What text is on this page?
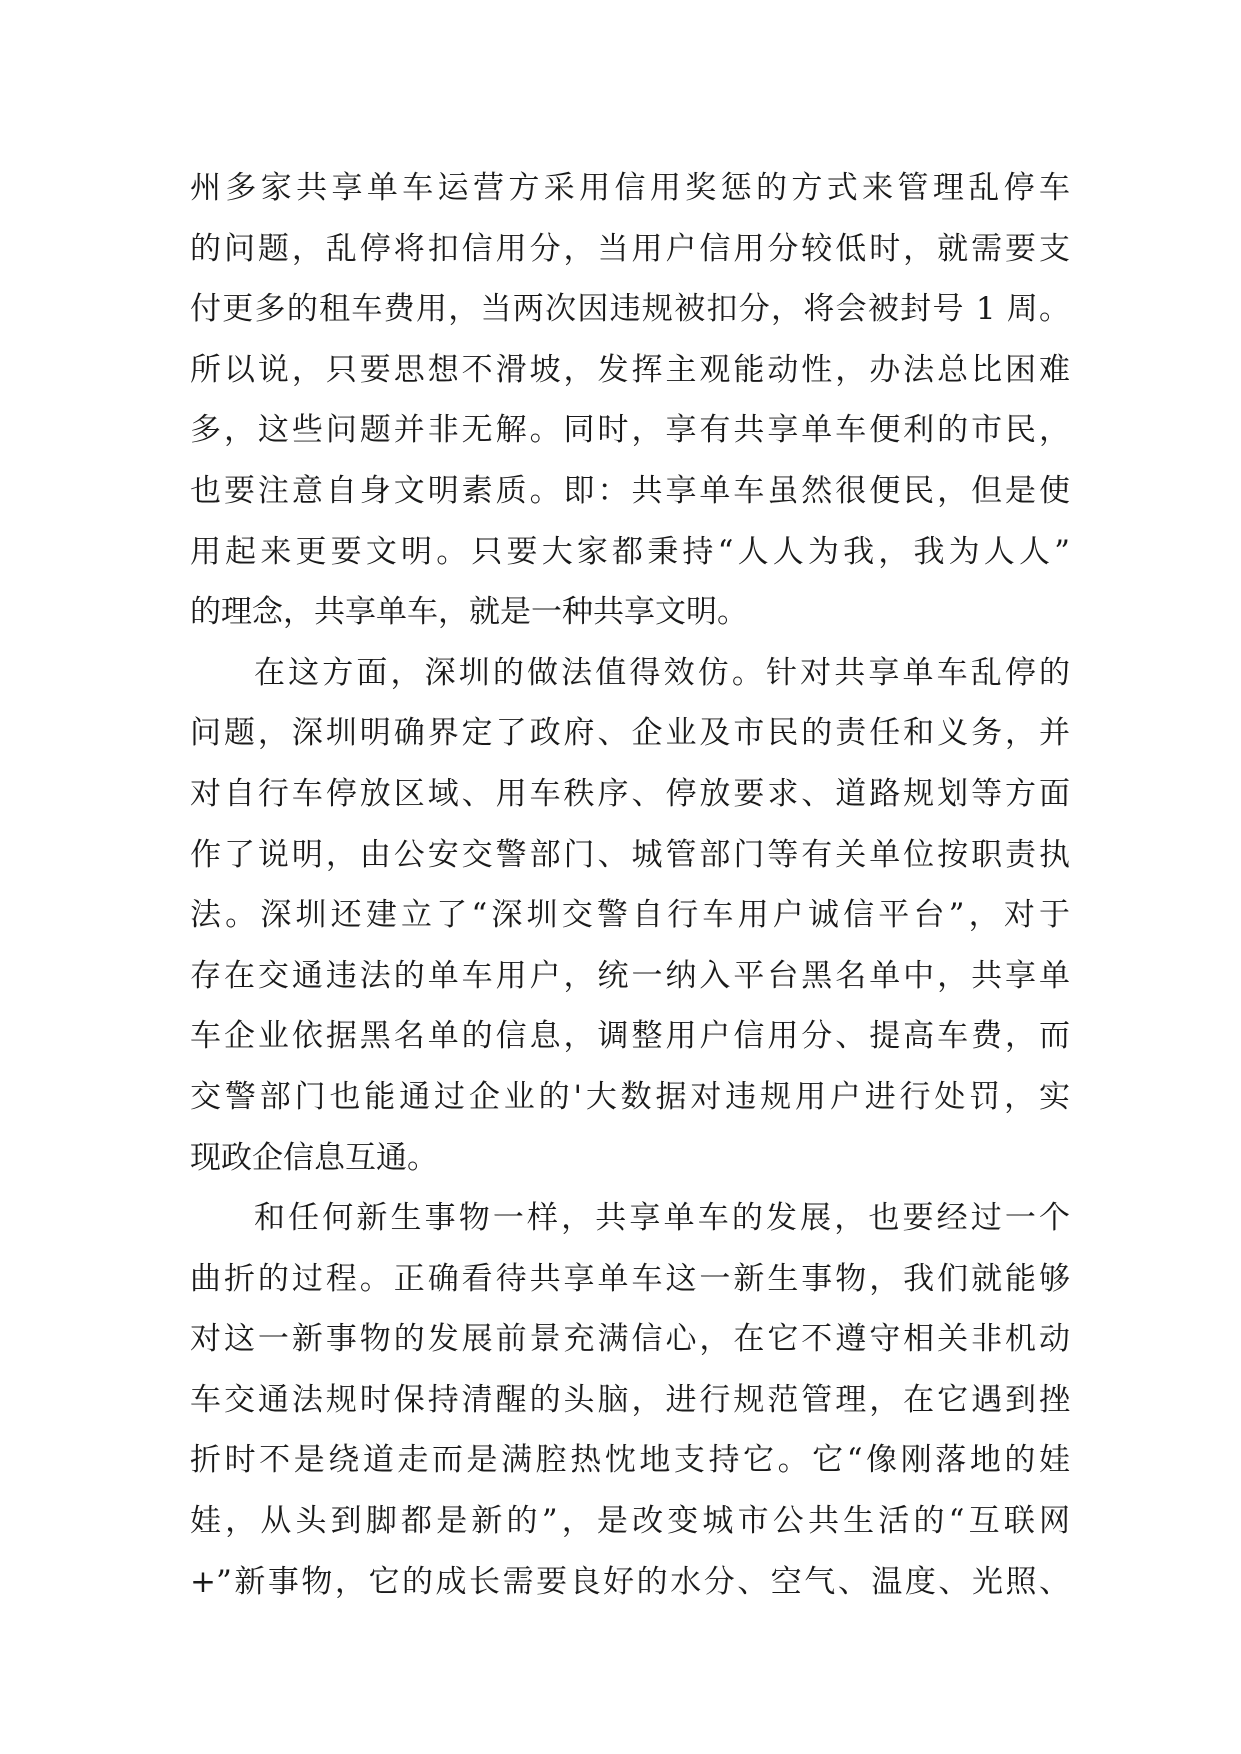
州多家共享单车运营方采用信用奖惩的方式来管理乱停车
的问题，乱停将扣信用分，当用户信用分较低时，就需要支
付更多的租车费用，当两次因违规被扣分，将会被封号 1 周。
所以说，只要思想不滑坡，发挥主观能动性，办法总比困难
多，这些问题并非无解。同时，享有共享单车便利的市民，
也要注意自身文明素质。即：共享单车虽然很便民，但是使
用起来更要文明。只要大家都秉持“人人为我，我为人人”
的理念，共享单车，就是一种共享文明。
在这方面，深圳的做法值得效仿。针对共享单车乱停的
问题，深圳明确界定了政府、企业及市民的责任和义务，并
对自行车停放区域、用车秩序、停放要求、道路规划等方面
作了说明，由公安交警部门、城管部门等有关单位按职责执
法。深圳还建立了“深圳交警自行车用户诚信平台”，对于
存在交通违法的单车用户，统一纳入平台黑名单中，共享单
车企业依据黑名单的信息，调整用户信用分、提高车费，而
交警部门也能通过企业的'大数据对违规用户进行处罚，实
现政企信息互通。
和任何新生事物一样，共享单车的发展，也要经过一个
曲折的过程。正确看待共享单车这一新生事物，我们就能够
对这一新事物的发展前景充满信心，在它不遵守相关非机动
车交通法规时保持清醒的头脑，进行规范管理，在它遇到挫
折时不是绕道走而是满腔热忱地支持它。它“像刚落地的娃
娃，从头到脚都是新的”，是改变城市公共生活的“互联网
+”新事物，它的成长需要良好的水分、空气、温度、光照、
